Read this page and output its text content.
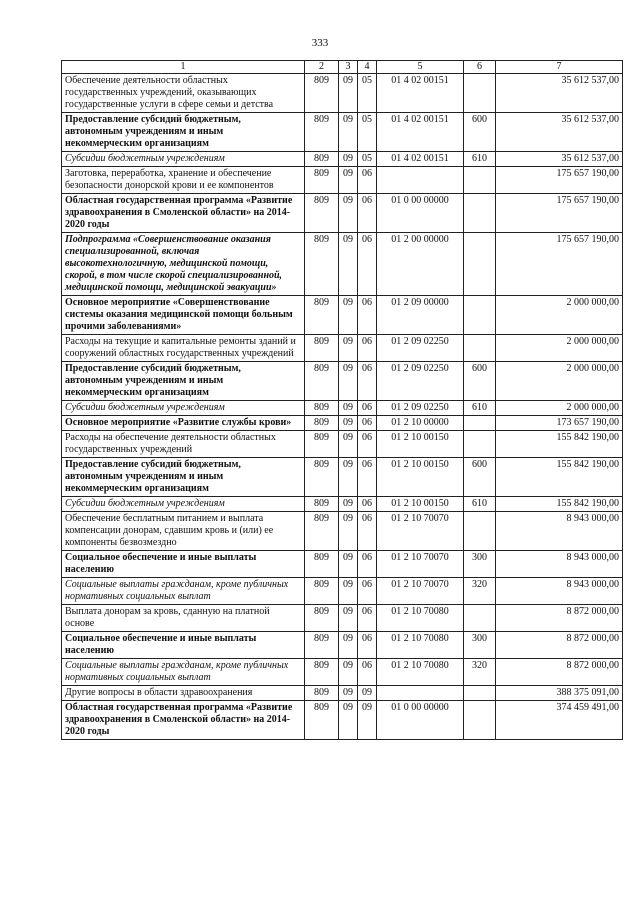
333
1	2	3	4	5	6	7
Обеспечение деятельности областных государственных учреждений, оказывающих государственные услуги в сфере семьи и детства	809	09	05	01 4 02 00151		35 612 537,00
Предоставление субсидий бюджетным, автономным учреждениям и иным некоммерческим организациям	809	09	05	01 4 02 00151	600	35 612 537,00
Субсидии бюджетным учреждениям	809	09	05	01 4 02 00151	610	35 612 537,00
Заготовка, переработка, хранение и обеспечение безопасности донорской крови и ее компонентов	809	09	06			175 657 190,00
Областная государственная программа «Развитие здравоохранения в Смоленской области» на 2014-2020 годы	809	09	06	01 0 00 00000		175 657 190,00
Подпрограмма «Совершенствование оказания специализированной, включая высокотехнологичную, медицинской помощи, скорой, в том числе скорой специализированной, медицинской помощи, медицинской эвакуации»	809	09	06	01 2 00 00000		175 657 190,00
Основное мероприятие «Совершенствование системы оказания медицинской помощи больным прочими заболеваниями»	809	09	06	01 2 09 00000		2 000 000,00
Расходы на текущие и капитальные ремонты зданий и сооружений областных государственных учреждений	809	09	06	01 2 09 02250		2 000 000,00
Предоставление субсидий бюджетным, автономным учреждениям и иным некоммерческим организациям	809	09	06	01 2 09 02250	600	2 000 000,00
Субсидии бюджетным учреждениям	809	09	06	01 2 09 02250	610	2 000 000,00
Основное мероприятие «Развитие службы крови»	809	09	06	01 2 10 00000		173 657 190,00
Расходы на обеспечение деятельности областных государственных учреждений	809	09	06	01 2 10 00150		155 842 190,00
Предоставление субсидий бюджетным, автономным учреждениям и иным некоммерческим организациям	809	09	06	01 2 10 00150	600	155 842 190,00
Субсидии бюджетным учреждениям	809	09	06	01 2 10 00150	610	155 842 190,00
Обеспечение бесплатным питанием и выплата компенсации донорам, сдавшим кровь и (или) ее компоненты безвозмездно	809	09	06	01 2 10 70070		8 943 000,00
Социальное обеспечение и иные выплаты населению	809	09	06	01 2 10 70070	300	8 943 000,00
Социальные выплаты гражданам, кроме публичных нормативных социальных выплат	809	09	06	01 2 10 70070	320	8 943 000,00
Выплата донорам за кровь, сданную на платной основе	809	09	06	01 2 10 70080		8 872 000,00
Социальное обеспечение и иные выплаты населению	809	09	06	01 2 10 70080	300	8 872 000,00
Социальные выплаты гражданам, кроме публичных нормативных социальных выплат	809	09	06	01 2 10 70080	320	8 872 000,00
Другие вопросы в области здравоохранения	809	09	09			388 375 091,00
Областная государственная программа «Развитие здравоохранения в Смоленской области» на 2014-2020 годы	809	09	09	01 0 00 00000		374 459 491,00
